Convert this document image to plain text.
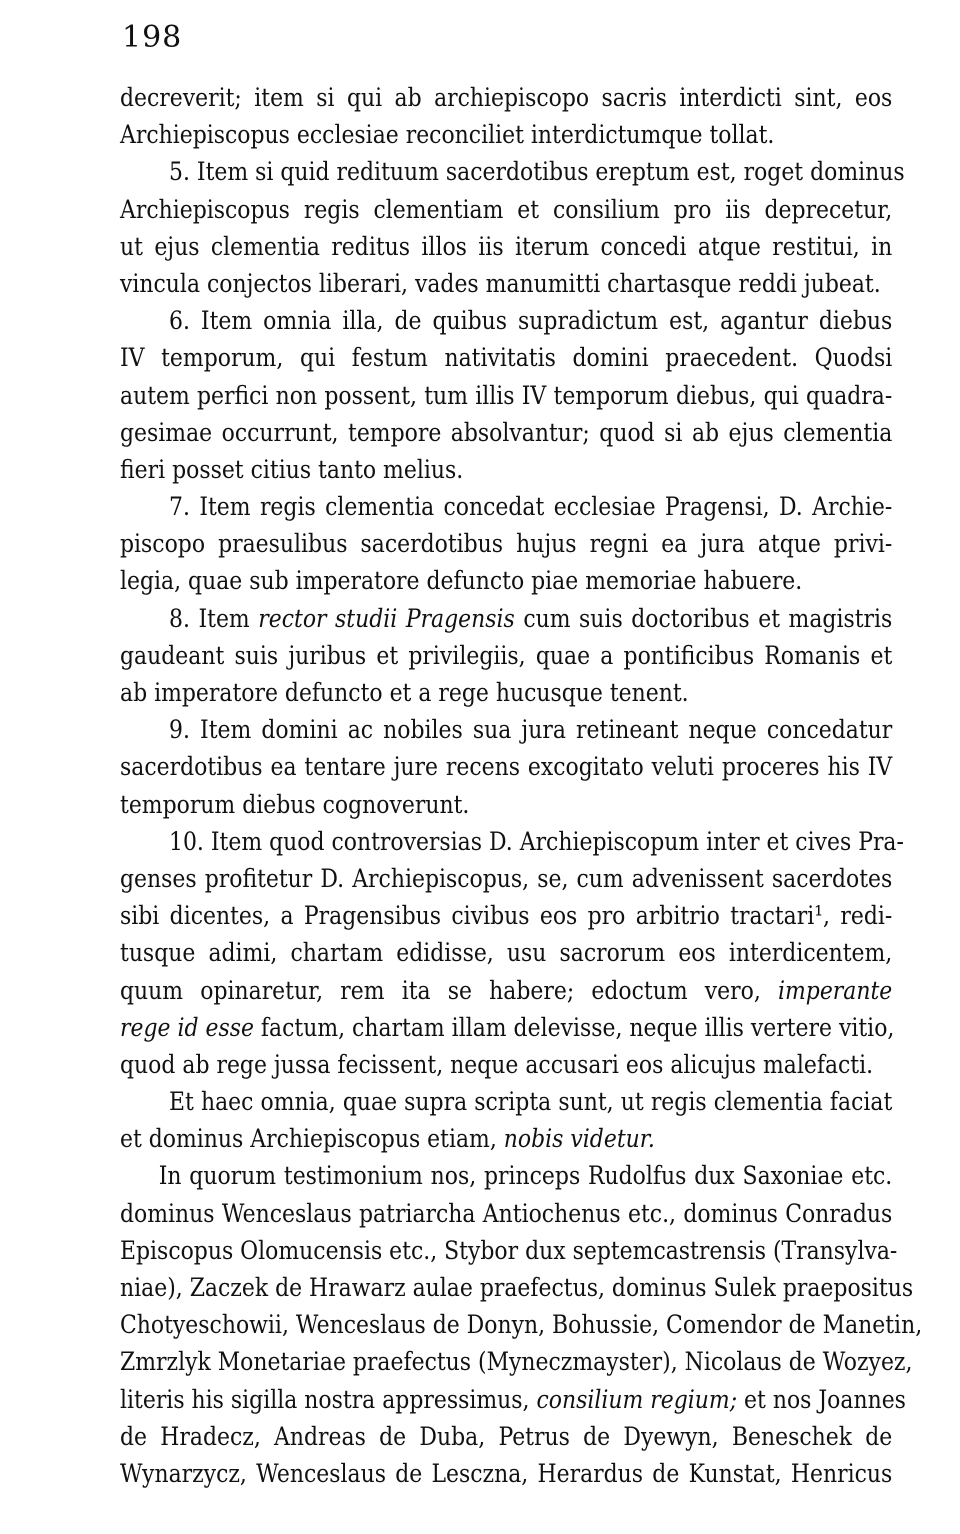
198
decreverit; item si qui ab archiepiscopo sacris interdicti sint, eos
Archiepiscopus ecclesiae reconciliet interdictumque tollat.
5. Item si quid redituum sacerdotibus ereptum est, roget dominus
Archiepiscopus regis clementiam et consilium pro iis deprecetur,
ut ejus clementia reditus illos iis iterum concedi atque restitui, in
vincula conjectos liberari, vades manumitti chartasque reddi jubeat.
6. Item omnia illa, de quibus supradictum est, agantur diebus
IV temporum, qui festum nativitatis domini praecedent. Quodsi
autem perfici non possent, tum illis IV temporum diebus, qui quadra-
gesimae occurrunt, tempore absolvantur; quod si ab ejus clementia
fieri posset citius tanto melius.
7. Item regis clementia concedat ecclesiae Pragensi, D. Archie-
piscopo praesulibus sacerdotibus hujus regni ea jura atque privi-
legia, quae sub imperatore defuncto piae memoriae habuere.
8. Item rector studii Pragensis cum suis doctoribus et magistris
gaudeant suis juribus et privilegiis, quae a pontificibus Romanis et
ab imperatore defuncto et a rege hucusque tenent.
9. Item domini ac nobiles sua jura retineant neque concedatur
sacerdotibus ea tentare jure recens excogitato veluti proceres his IV
temporum diebus cognoverunt.
10. Item quod controversias D. Archiepiscopum inter et cives Pra-
genses profitetur D. Archiepiscopus, se, cum advenissent sacerdotes
sibi dicentes, a Pragensibus civibus eos pro arbitrio tractari¹, redi-
tusque adimi, chartam edidisse, usu sacrorum eos interdicentem,
quum opinaretur, rem ita se habere; edoctum vero, imperante
rege id esse factum, chartam illam delevisse, neque illis vertere vitio,
quod ab rege jussa fecissent, neque accusari eos alicujus malefacti.
Et haec omnia, quae supra scripta sunt, ut regis clementia faciat
et dominus Archiepiscopus etiam, nobis videtur.
In quorum testimonium nos, princeps Rudolfus dux Saxoniae etc.
dominus Wenceslaus patriarcha Antiochenus etc., dominus Conradus
Episcopus Olomucensis etc., Stybor dux septemcastrensis (Transylva-
niae), Zaczek de Hrawarz aulae praefectus, dominus Sulek praepositus
Chotyeschowii, Wenceslaus de Donyn, Bohussie, Comendor de Manetin,
Zmrzlyk Monetariae praefectus (Myneczmayster), Nicolaus de Wozyez,
literis his sigilla nostra appressimus, consilium regium; et nos Joannes
de Hradecz, Andreas de Duba, Petrus de Dyewyn, Beneschek de
Wynarzycz, Wenceslaus de Lesczna, Herardus de Kunstat, Henricus
